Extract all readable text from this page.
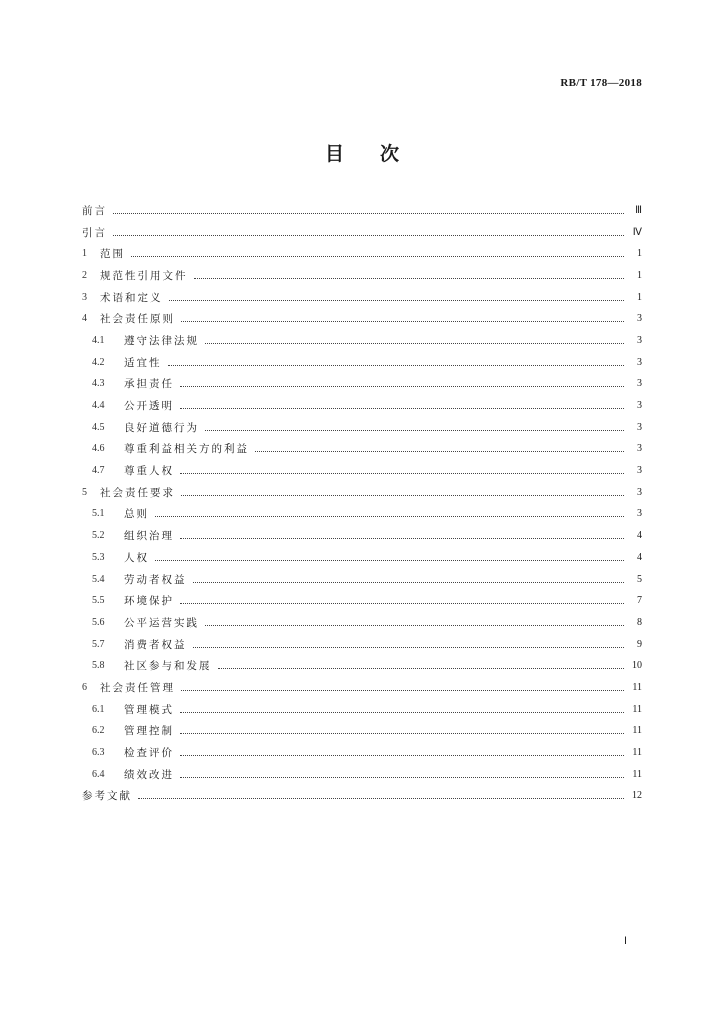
RB/T 178—2018
目 次
前言	Ⅲ
引言	Ⅳ
1	范围	1
2	规范性引用文件	1
3	术语和定义	1
4	社会责任原则	3
4.1	遵守法律法规	3
4.2	适宜性	3
4.3	承担责任	3
4.4	公开透明	3
4.5	良好道德行为	3
4.6	尊重利益相关方的利益	3
4.7	尊重人权	3
5	社会责任要求	3
5.1	总则	3
5.2	组织治理	4
5.3	人权	4
5.4	劳动者权益	5
5.5	环境保护	7
5.6	公平运营实践	8
5.7	消费者权益	9
5.8	社区参与和发展	10
6	社会责任管理	11
6.1	管理模式	11
6.2	管理控制	11
6.3	检查评价	11
6.4	绩效改进	11
参考文献	12
Ⅰ
